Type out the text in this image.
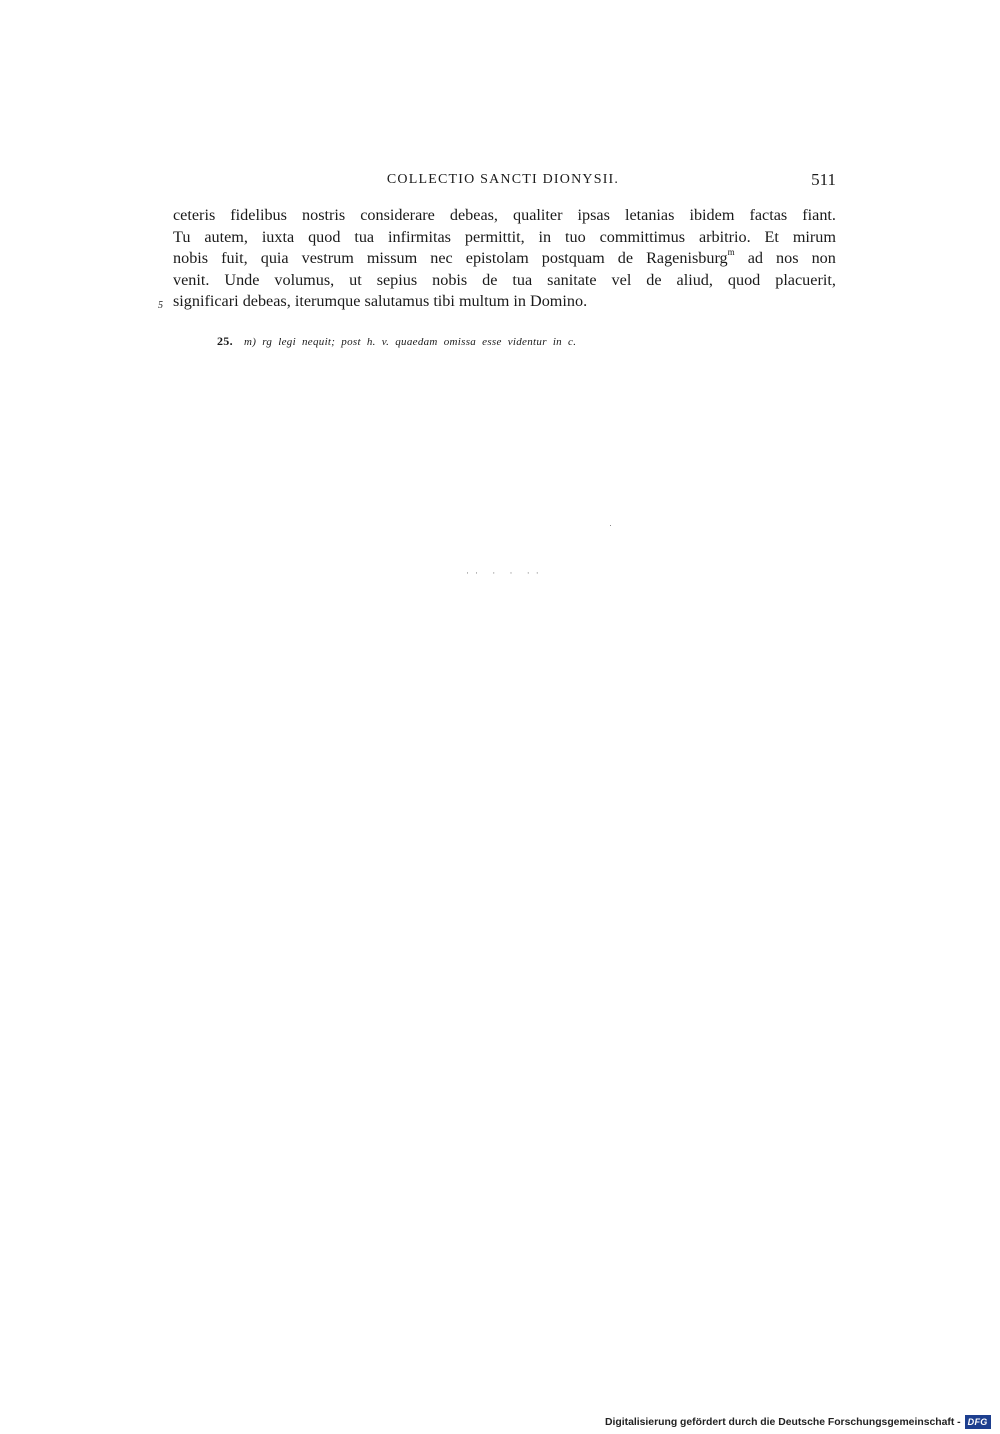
COLLECTIO SANCTI DIONYSII.	511
ceteris fidelibus nostris considerare debeas, qualiter ipsas letanias ibidem factas fiant.
Tu autem, iuxta quod tua infirmitas permittit, in tuo committimus arbitrio. Et mirum
nobis fuit, quia vestrum missum nec epistolam postquam de Ragenisburg$^m$ ad nos non
venit. Unde volumus, ut sepius nobis de tua sanitate vel de aliud, quod placuerit,
5 significari
debeas,
iterumque
salutamus
tibi
multum
in
Domino.
25. m) rg legi nequit; post h. v. quaedam omissa esse videntur in c.
·· · · ··
Digitalisierung gefördert durch die Deutsche Forschungsgemeinschaft - DFG
